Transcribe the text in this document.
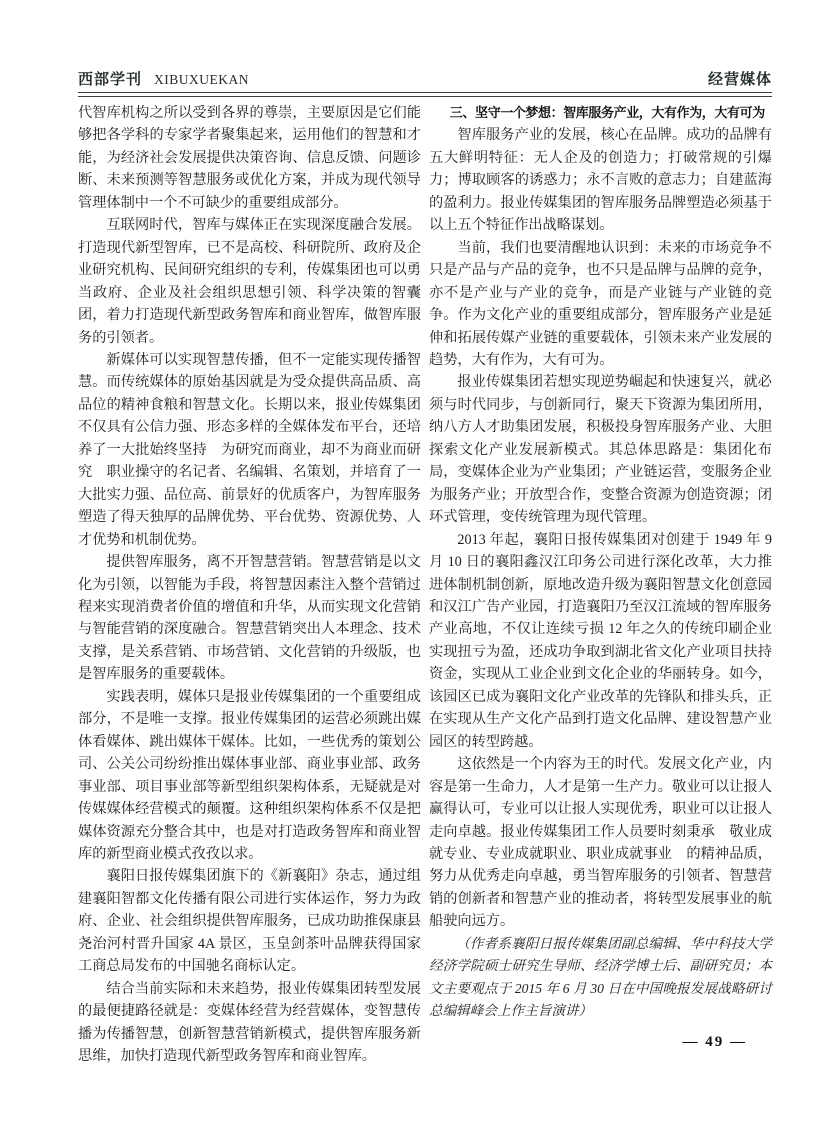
西部学刊 XIBUXUEKAN	经营媒体

代智库机构之所以受到各界的尊崇，主要原因是它们能够把各学科的专家学者聚集起来，运用他们的智慧和才能，为经济社会发展提供决策咨询、信息反馈、问题诊断、未来预测等智慧服务或优化方案，并成为现代领导管理体制中一个不可缺少的重要组成部分。

互联网时代，智库与媒体正在实现深度融合发展。打造现代新型智库，已不是高校、科研院所、政府及企业研究机构、民间研究组织的专利，传媒集团也可以勇当政府、企业及社会组织思想引领、科学决策的智囊团，着力打造现代新型政务智库和商业智库，做智库服务的引领者。

新媒体可以实现智慧传播，但不一定能实现传播智慧。而传统媒体的原始基因就是为受众提供高品质、高品位的精神食粮和智慧文化。长期以来，报业传媒集团不仅具有公信力强、形态多样的全媒体发布平台，还培养了一大批始终坚持　为研究而商业，却不为商业而研究　职业操守的名记者、名编辑、名策划，并培育了一大批实力强、品位高、前景好的优质客户，为智库服务塑造了得天独厚的品牌优势、平台优势、资源优势、人才优势和机制优势。

提供智库服务，离不开智慧营销。智慧营销是以文化为引领，以智能为手段，将智慧因素注入整个营销过程来实现消费者价值的增值和升华，从而实现文化营销与智能营销的深度融合。智慧营销突出人本理念、技术支撑，是关系营销、市场营销、文化营销的升级版，也是智库服务的重要载体。

实践表明，媒体只是报业传媒集团的一个重要组成部分，不是唯一支撑。报业传媒集团的运营必须跳出媒体看媒体、跳出媒体干媒体。比如，一些优秀的策划公司、公关公司纷纷推出媒体事业部、商业事业部、政务事业部、项目事业部等新型组织架构体系，无疑就是对传媒媒体经营模式的颠覆。这种组织架构体系不仅是把媒体资源充分整合其中，也是对打造政务智库和商业智库的新型商业模式孜孜以求。

襄阳日报传媒集团旗下的《新襄阳》杂志，通过组建襄阳智都文化传播有限公司进行实体运作，努力为政府、企业、社会组织提供智库服务，已成功助推保康县尧治河村晋升国家 4A 景区，玉皇剑茶叶品牌获得国家工商总局发布的中国驰名商标认定。

结合当前实际和未来趋势，报业传媒集团转型发展的最便捷路径就是：变媒体经营为经营媒体，变智慧传播为传播智慧，创新智慧营销新模式，提供智库服务新思维，加快打造现代新型政务智库和商业智库。

三、坚守一个梦想：智库服务产业，大有作为，大有可为

智库服务产业的发展，核心在品牌。成功的品牌有五大鲜明特征：无人企及的创造力；打破常规的引爆力；博取顾客的诱惑力；永不言败的意志力；自建蓝海的盈利力。报业传媒集团的智库服务品牌塑造必须基于以上五个特征作出战略谋划。

当前，我们也要清醒地认识到：未来的市场竞争不只是产品与产品的竞争，也不只是品牌与品牌的竞争，亦不是产业与产业的竞争，而是产业链与产业链的竞争。作为文化产业的重要组成部分，智库服务产业是延伸和拓展传媒产业链的重要载体，引领未来产业发展的趋势，大有作为，大有可为。

报业传媒集团若想实现逆势崛起和快速复兴，就必须与时代同步，与创新同行，聚天下资源为集团所用，纳八方人才助集团发展，积极投身智库服务产业、大胆探索文化产业发展新模式。其总体思路是：集团化布局，变媒体企业为产业集团；产业链运营，变服务企业为服务产业；开放型合作，变整合资源为创造资源；闭环式管理，变传统管理为现代管理。

2013 年起，襄阳日报传媒集团对创建于 1949 年 9 月 10 日的襄阳鑫汉江印务公司进行深化改革，大力推进体制机制创新，原地改造升级为襄阳智慧文化创意园和汉江广告产业园，打造襄阳乃至汉江流域的智库服务产业高地，不仅让连续亏损 12 年之久的传统印刷企业实现扭亏为盈，还成功争取到湖北省文化产业项目扶持资金，实现从工业企业到文化企业的华丽转身。如今，该园区已成为襄阳文化产业改革的先锋队和排头兵，正在实现从生产文化产品到打造文化品牌、建设智慧产业园区的转型跨越。

这依然是一个内容为王的时代。发展文化产业，内容是第一生命力，人才是第一生产力。敬业可以让报人赢得认可，专业可以让报人实现优秀，职业可以让报人走向卓越。报业传媒集团工作人员要时刻秉承　敬业成就专业、专业成就职业、职业成就事业　的精神品质，努力从优秀走向卓越，勇当智库服务的引领者、智慧营销的创新者和智慧产业的推动者，将转型发展事业的航船驶向远方。

（作者系襄阳日报传媒集团副总编辑、华中科技大学经济学院硕士研究生导师、经济学博士后、副研究员；本文主要观点于 2015 年 6 月 30 日在中国晚报发展战略研讨总编辑峰会上作主旨演讲）

— 49 —
